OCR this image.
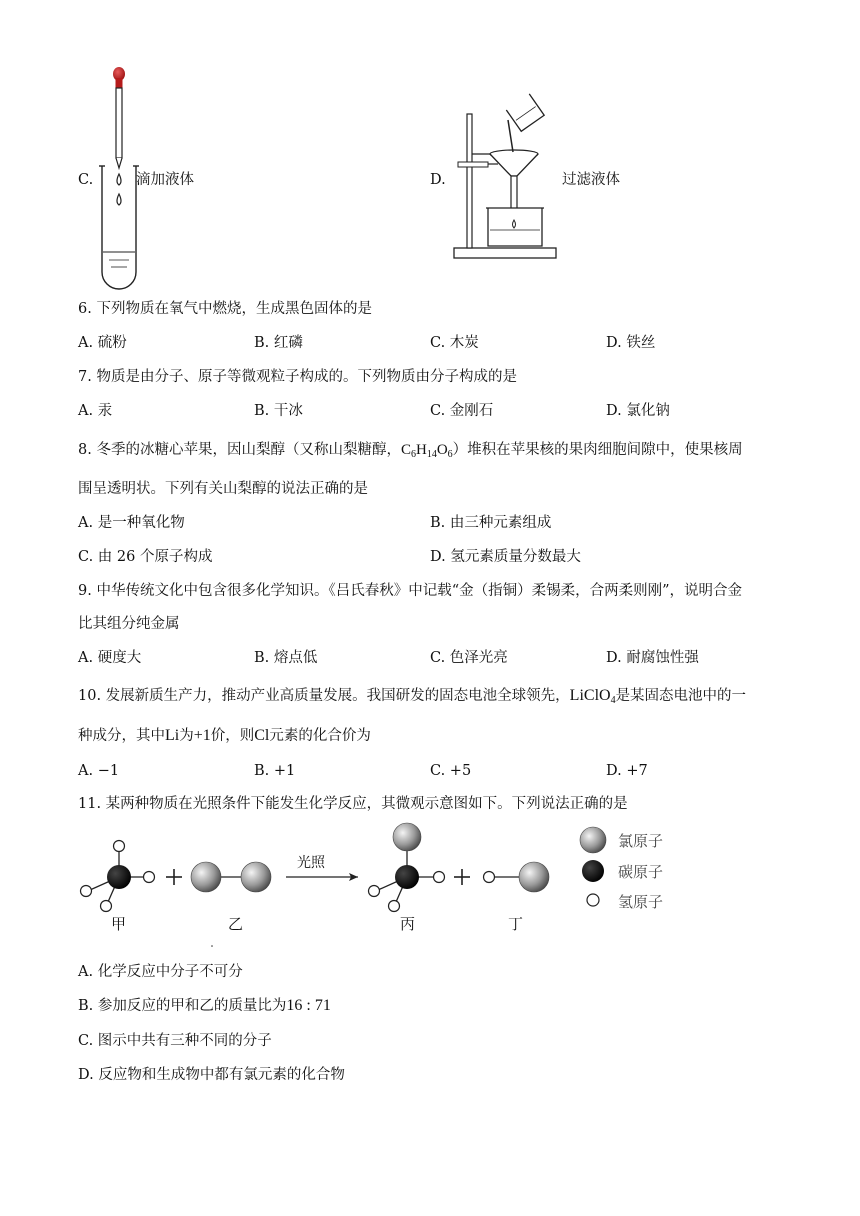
C.	滴加液体	D.	过滤液体
6. 下列物质在氧气中燃烧，生成黑色固体的是
A. 硫粉	B. 红磷	C. 木炭	D. 铁丝
7. 物质是由分子、原子等微观粒子构成的。下列物质由分子构成的是
A. 汞	B. 干冰	C. 金刚石	D. 氯化钠
8. 冬季的冰糖心苹果，因山梨醇（又称山梨糖醇，$C_6H_{14}O_6$）堆积在苹果核的果肉细胞间隙中，使果核周
围呈透明状。下列有关山梨醇的说法正确的是
A. 是一种氧化物	B. 由三种元素组成
C. 由 26 个原子构成	D. 氢元素质量分数最大
9. 中华传统文化中包含很多化学知识。《吕氏春秋》中记载“金（指铜）柔锡柔，合两柔则刚”，说明合金
比其组分纯金属
A. 硬度大	B. 熔点低	C. 色泽光亮	D. 耐腐蚀性强
10. 发展新质生产力，推动产业高质量发展。我国研发的固态电池全球领先，LiClO$_4$是某固态电池中的一
种成分，其中Li为+1价，则Cl元素的化合价为
A. −1	B. +1	C. +5	D. +7
11. 某两种物质在光照条件下能发生化学反应，其微观示意图如下。下列说法正确的是
光照
甲	乙	丙	丁
氯原子
碳原子
氢原子
A. 化学反应中分子不可分
B. 参加反应的甲和乙的质量比为16 : 71
C. 图示中共有三种不同的分子
D. 反应物和生成物中都有氯元素的化合物
